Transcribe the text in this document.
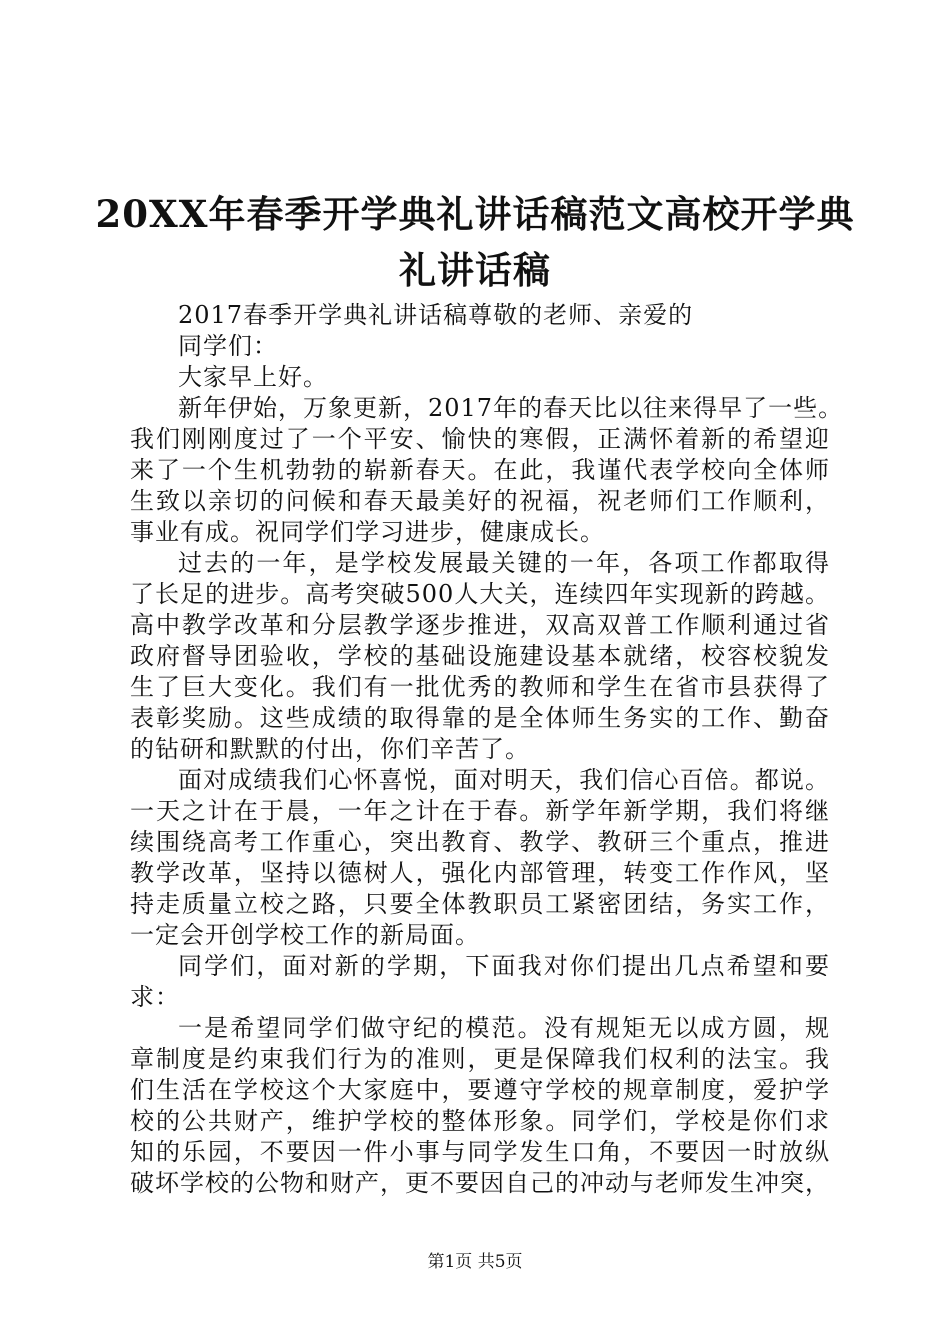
20XX年春季开学典礼讲话稿范文高校开学典
礼讲话稿
2017春季开学典礼讲话稿尊敬的老师、亲爱的
同学们：
大家早上好。
新年伊始，万象更新，2017年的春天比以往来得早了一些。
我们刚刚度过了一个平安、愉快的寒假，正满怀着新的希望迎
来了一个生机勃勃的崭新春天。在此，我谨代表学校向全体师
生致以亲切的问候和春天最美好的祝福，祝老师们工作顺利，
事业有成。祝同学们学习进步，健康成长。
过去的一年，是学校发展最关键的一年，各项工作都取得
了长足的进步。高考突破500人大关，连续四年实现新的跨越。
高中教学改革和分层教学逐步推进，双高双普工作顺利通过省
政府督导团验收，学校的基础设施建设基本就绪，校容校貌发
生了巨大变化。我们有一批优秀的教师和学生在省市县获得了
表彰奖励。这些成绩的取得靠的是全体师生务实的工作、勤奋
的钻研和默默的付出，你们辛苦了。
面对成绩我们心怀喜悦，面对明天，我们信心百倍。都说。
一天之计在于晨，一年之计在于春。新学年新学期，我们将继
续围绕高考工作重心，突出教育、教学、教研三个重点，推进
教学改革，坚持以德树人，强化内部管理，转变工作作风，坚
持走质量立校之路，只要全体教职员工紧密团结，务实工作，
一定会开创学校工作的新局面。
同学们，面对新的学期，下面我对你们提出几点希望和要
求：
一是希望同学们做守纪的模范。没有规矩无以成方圆，规
章制度是约束我们行为的准则，更是保障我们权利的法宝。我
们生活在学校这个大家庭中，要遵守学校的规章制度，爱护学
校的公共财产，维护学校的整体形象。同学们，学校是你们求
知的乐园，不要因一件小事与同学发生口角，不要因一时放纵
破坏学校的公物和财产，更不要因自己的冲动与老师发生冲突，
第1页 共5页
